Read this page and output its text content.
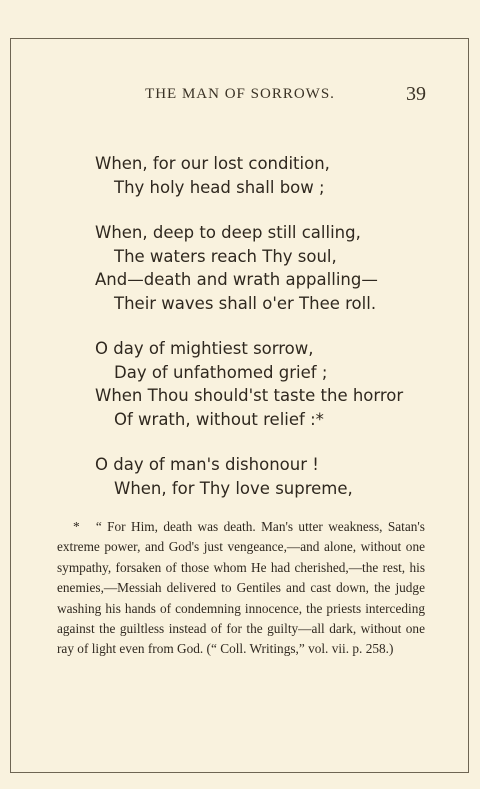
THE MAN OF SORROWS.	39
When, for our lost condition,
Thy holy head shall bow ;
When, deep to deep still calling,
The waters reach Thy soul,
And—death and wrath appalling—
Their waves shall o'er Thee roll.
O day of mightiest sorrow,
Day of unfathomed grief ;
When Thou should'st taste the horror
Of wrath, without relief :*
O day of man's dishonour !
When, for Thy love supreme,
* “ For Him, death was death. Man's utter weakness, Satan's extreme power, and God's just vengeance,—and alone, without one sympathy, forsaken of those whom He had cherished,—the rest, his enemies,—Messiah delivered to Gentiles and cast down, the judge washing his hands of condemning innocence, the priests interceding against the guiltless instead of for the guilty—all dark, without one ray of light even from God. (“ Coll. Writings,” vol. vii. p. 258.)
